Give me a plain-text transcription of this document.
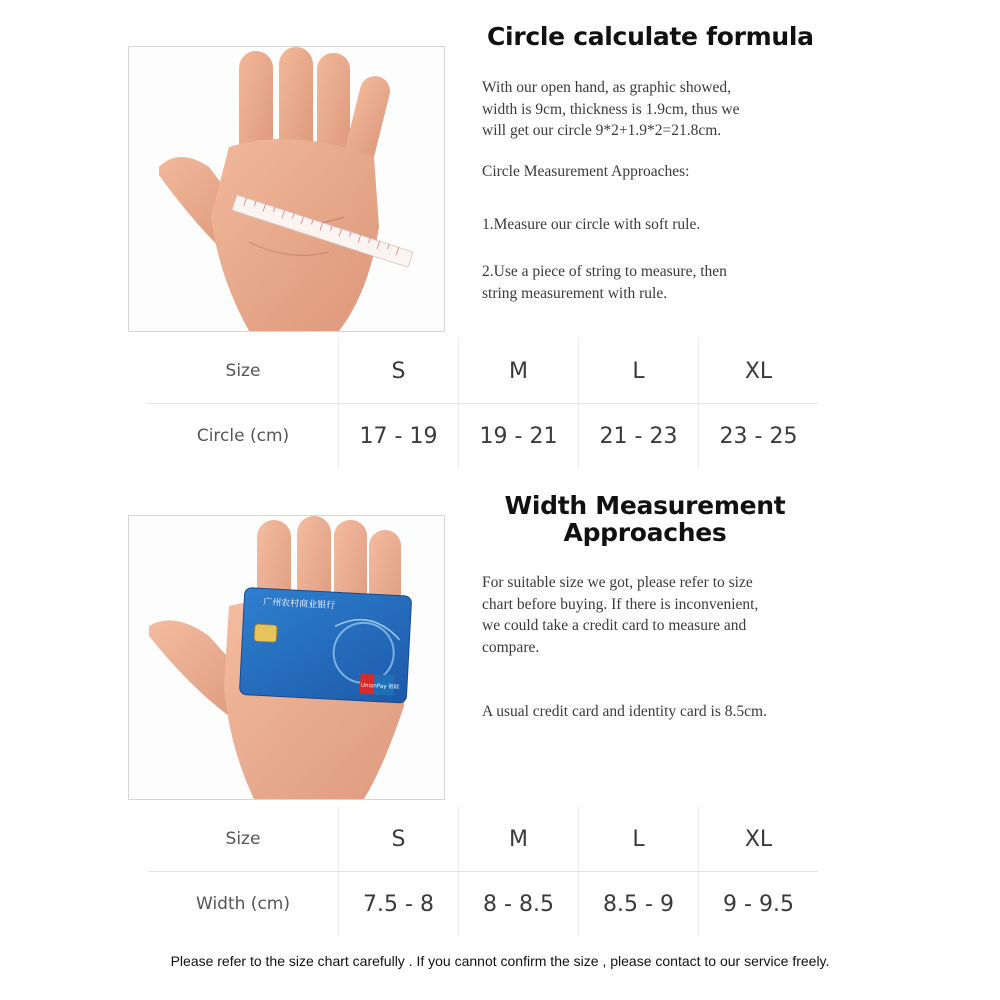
Circle calculate formula

With our open hand, as graphic showed,
width is 9cm, thickness is 1.9cm, thus we
will get our circle 9*2+1.9*2=21.8cm.

Circle Measurement Approaches:

1.Measure our circle with soft rule.

2.Use a piece of string to measure, then
string measurement with rule.

Size	S	M	L	XL
Circle (cm)	17 - 19	19 - 21	21 - 23	23 - 25
Width Measurement
Approaches
广州农村商业银行
UnionPay 银联

For suitable size we got, please refer to size
chart before buying. If there is inconvenient,
we could take a credit card to measure and
compare.

A usual credit card and identity card is 8.5cm.

Size	S	M	L	XL
Width (cm)	7.5 - 8	8 - 8.5	8.5 - 9	9 - 9.5
Please refer to the size chart carefully . If you cannot confirm the size , please contact to our service freely.
